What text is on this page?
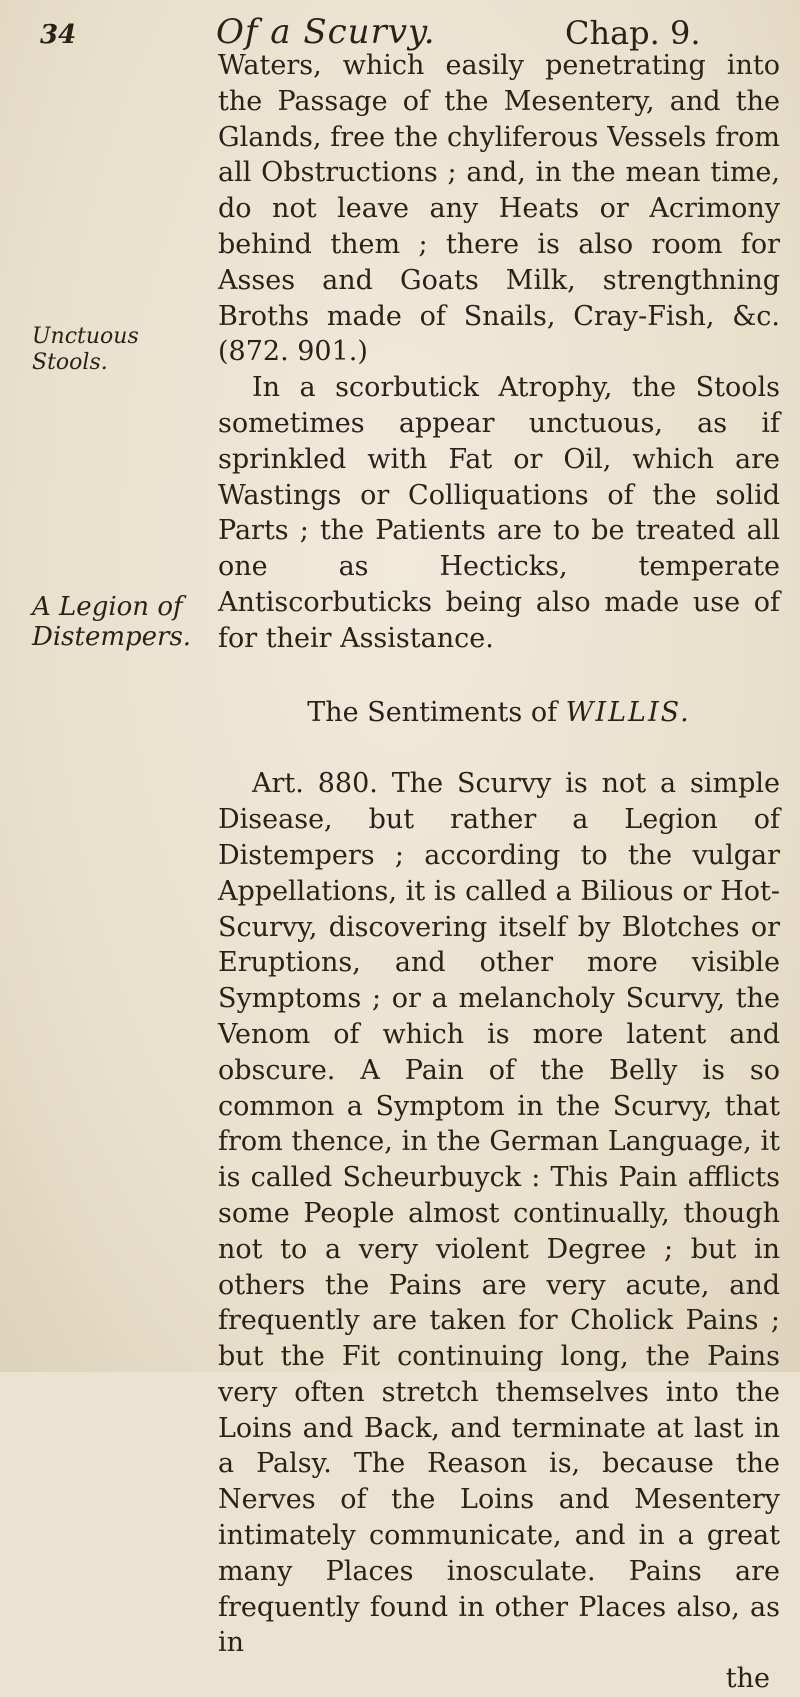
34	Of a Scurvy.	Chap. 9.
Unctuous
Stools.
A Legion of
Distempers.

Waters, which easily penetrating into the Passage of the Mesentery, and the Glands, free the chyliferous Vessels from all Obstructions ; and, in the mean time, do not leave any Heats or Acrimony behind them ; there is also room for Asses and Goats Milk, strengthning Broths made of Snails, Cray-Fish, &c. (872. 901.)

In a scorbutick Atrophy, the Stools sometimes appear unctuous, as if sprinkled with Fat or Oil, which are Wastings or Colliquations of the solid Parts ; the Patients are to be treated all one as Hecticks, temperate Antiscorbuticks being also made use of for their Assistance.

The Sentiments of WILLIS.

Art. 880. The Scurvy is not a simple Disease, but rather a Legion of Distempers ; according to the vulgar Appellations, it is called a Bilious or Hot-Scurvy, discovering itself by Blotches or Eruptions, and other more visible Symptoms ; or a melancholy Scurvy, the Venom of which is more latent and obscure. A Pain of the Belly is so common a Symptom in the Scurvy, that from thence, in the German Language, it is called Scheurbuyck : This Pain afflicts some People almost continually, though not to a very violent Degree ; but in others the Pains are very acute, and frequently are taken for Cholick Pains ; but the Fit continuing long, the Pains very often stretch themselves into the Loins and Back, and terminate at last in a Palsy. The Reason is, because the Nerves of the Loins and Mesentery intimately communicate, and in a great many Places inosculate. Pains are frequently found in other Places also, as in

the
